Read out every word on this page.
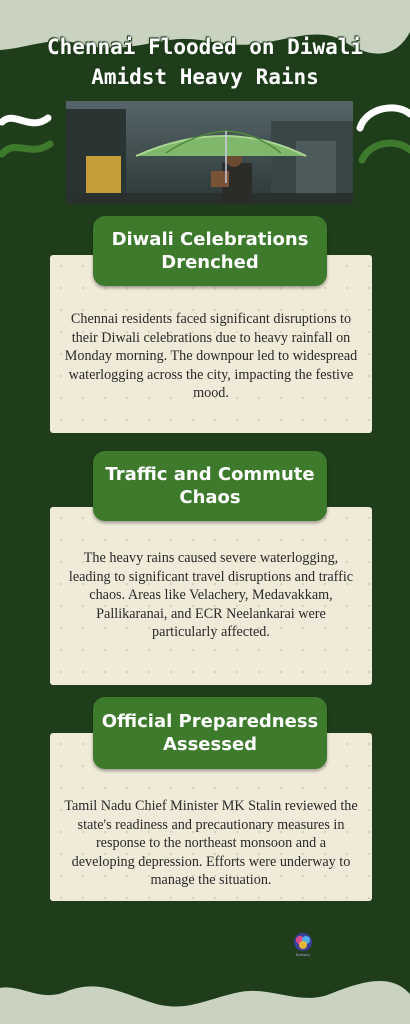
Chennai Flooded on Diwali
Amidst Heavy Rains

Chennai residents faced significant disruptions to their Diwali celebrations due to heavy rainfall on Monday morning. The downpour led to widespread waterlogging across the city, impacting the festive mood.

Diwali Celebrations
Drenched

The heavy rains caused severe waterlogging, leading to significant travel disruptions and traffic chaos. Areas like Velachery, Medavakkam, Pallikaranai, and ECR Neelankarai were particularly affected.

Traffic and Commute
Chaos

Tamil Nadu Chief Minister MK Stalin reviewed the state's readiness and precautionary measures in response to the northeast monsoon and a developing depression. Efforts were underway to manage the situation.

Official Preparedness
Assessed
Kinkaply
